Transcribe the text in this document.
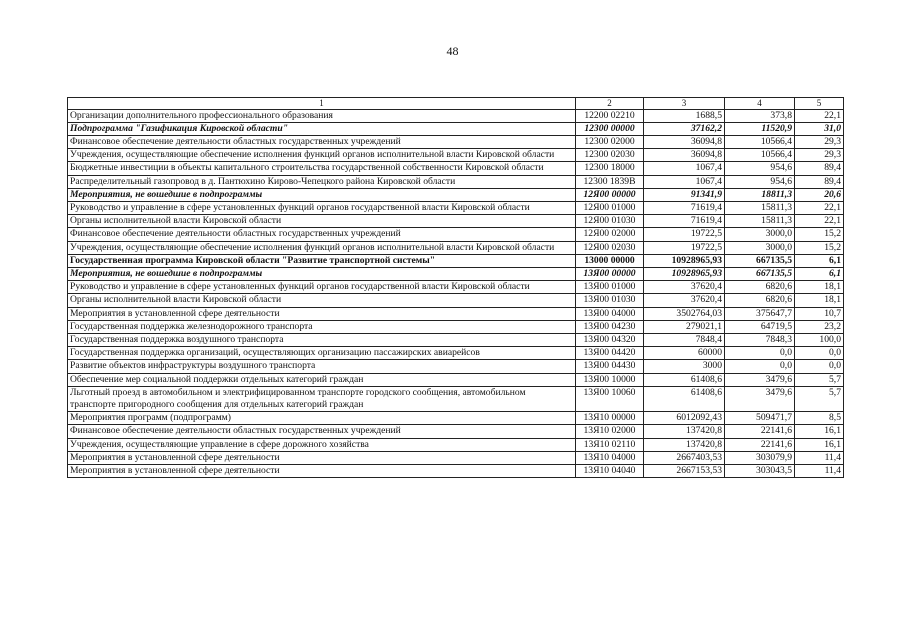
48
1	2	3	4	5
Организации дополнительного профессионального образования	12200 02210	1688,5	373,8	22,1
Подпрограмма "Газификация Кировской области"	12300 00000	37162,2	11520,9	31,0
Финансовое обеспечение деятельности областных государственных учреждений	12300 02000	36094,8	10566,4	29,3
Учреждения, осуществляющие обеспечение исполнения функций органов исполнительной власти Кировской области	12300 02030	36094,8	10566,4	29,3
Бюджетные инвестиции в объекты капитального строительства государственной собственности Кировской области	12300 18000	1067,4	954,6	89,4
Распределительный газопровод в д. Пантюхино Кирово-Чепецкого района Кировской области	12300 1839B	1067,4	954,6	89,4
Мероприятия, не вошедшие в подпрограммы	12Я00 00000	91341,9	18811,3	20,6
Руководство и управление в сфере установленных функций органов государственной власти Кировской области	12Я00 01000	71619,4	15811,3	22,1
Органы исполнительной власти Кировской области	12Я00 01030	71619,4	15811,3	22,1
Финансовое обеспечение деятельности областных государственных учреждений	12Я00 02000	19722,5	3000,0	15,2
Учреждения, осуществляющие обеспечение исполнения функций органов исполнительной власти Кировской области	12Я00 02030	19722,5	3000,0	15,2
Государственная программа Кировской области "Развитие транспортной системы"	13000 00000	10928965,93	667135,5	6,1
Мероприятия, не вошедшие в подпрограммы	13Я00 00000	10928965,93	667135,5	6,1
Руководство и управление в сфере установленных функций органов государственной власти Кировской области	13Я00 01000	37620,4	6820,6	18,1
Органы исполнительной власти Кировской области	13Я00 01030	37620,4	6820,6	18,1
Мероприятия в установленной сфере деятельности	13Я00 04000	3502764,03	375647,7	10,7
Государственная поддержка железнодорожного транспорта	13Я00 04230	279021,1	64719,5	23,2
Государственная поддержка воздушного транспорта	13Я00 04320	7848,4	7848,3	100,0
Государственная поддержка организаций, осуществляющих организацию пассажирских авиарейсов	13Я00 04420	60000	0,0	0,0
Развитие объектов инфраструктуры воздушного транспорта	13Я00 04430	3000	0,0	0,0
Обеспечение мер социальной поддержки отдельных категорий граждан	13Я00 10000	61408,6	3479,6	5,7
Льготный проезд в автомобильном и электрифицированном транспорте городского сообщения, автомобильном транспорте пригородного сообщения для отдельных категорий граждан	13Я00 10060	61408,6	3479,6	5,7
Мероприятия программ (подпрограмм)	13Я10 00000	6012092,43	509471,7	8,5
Финансовое обеспечение деятельности областных государственных учреждений	13Я10 02000	137420,8	22141,6	16,1
Учреждения, осуществляющие управление в сфере дорожного хозяйства	13Я10 02110	137420,8	22141,6	16,1
Мероприятия в установленной сфере деятельности	13Я10 04000	2667403,53	303079,9	11,4
Мероприятия в установленной сфере деятельности	13Я10 04040	2667153,53	303043,5	11,4
